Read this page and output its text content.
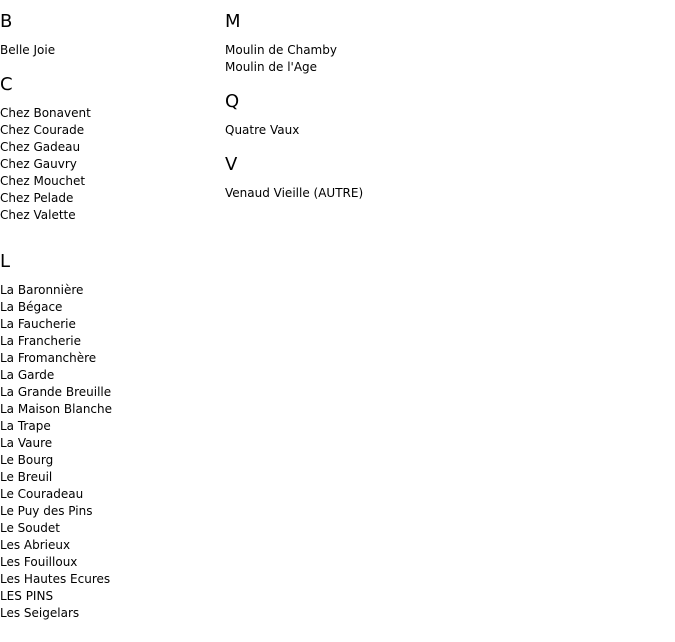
B
Belle Joie
C
Chez Bonavent
Chez Courade
Chez Gadeau
Chez Gauvry
Chez Mouchet
Chez Pelade
Chez Valette
L
La Baronnière
La Bégace
La Faucherie
La Francherie
La Fromanchère
La Garde
La Grande Breuille
La Maison Blanche
La Trape
La Vaure
Le Bourg
Le Breuil
Le Couradeau
Le Puy des Pins
Le Soudet
Les Abrieux
Les Fouilloux
Les Hautes Ecures
LES PINS
Les Seigelars
M
Moulin de Chamby
Moulin de l'Age
Q
Quatre Vaux
V
Venaud Vieille (AUTRE)
